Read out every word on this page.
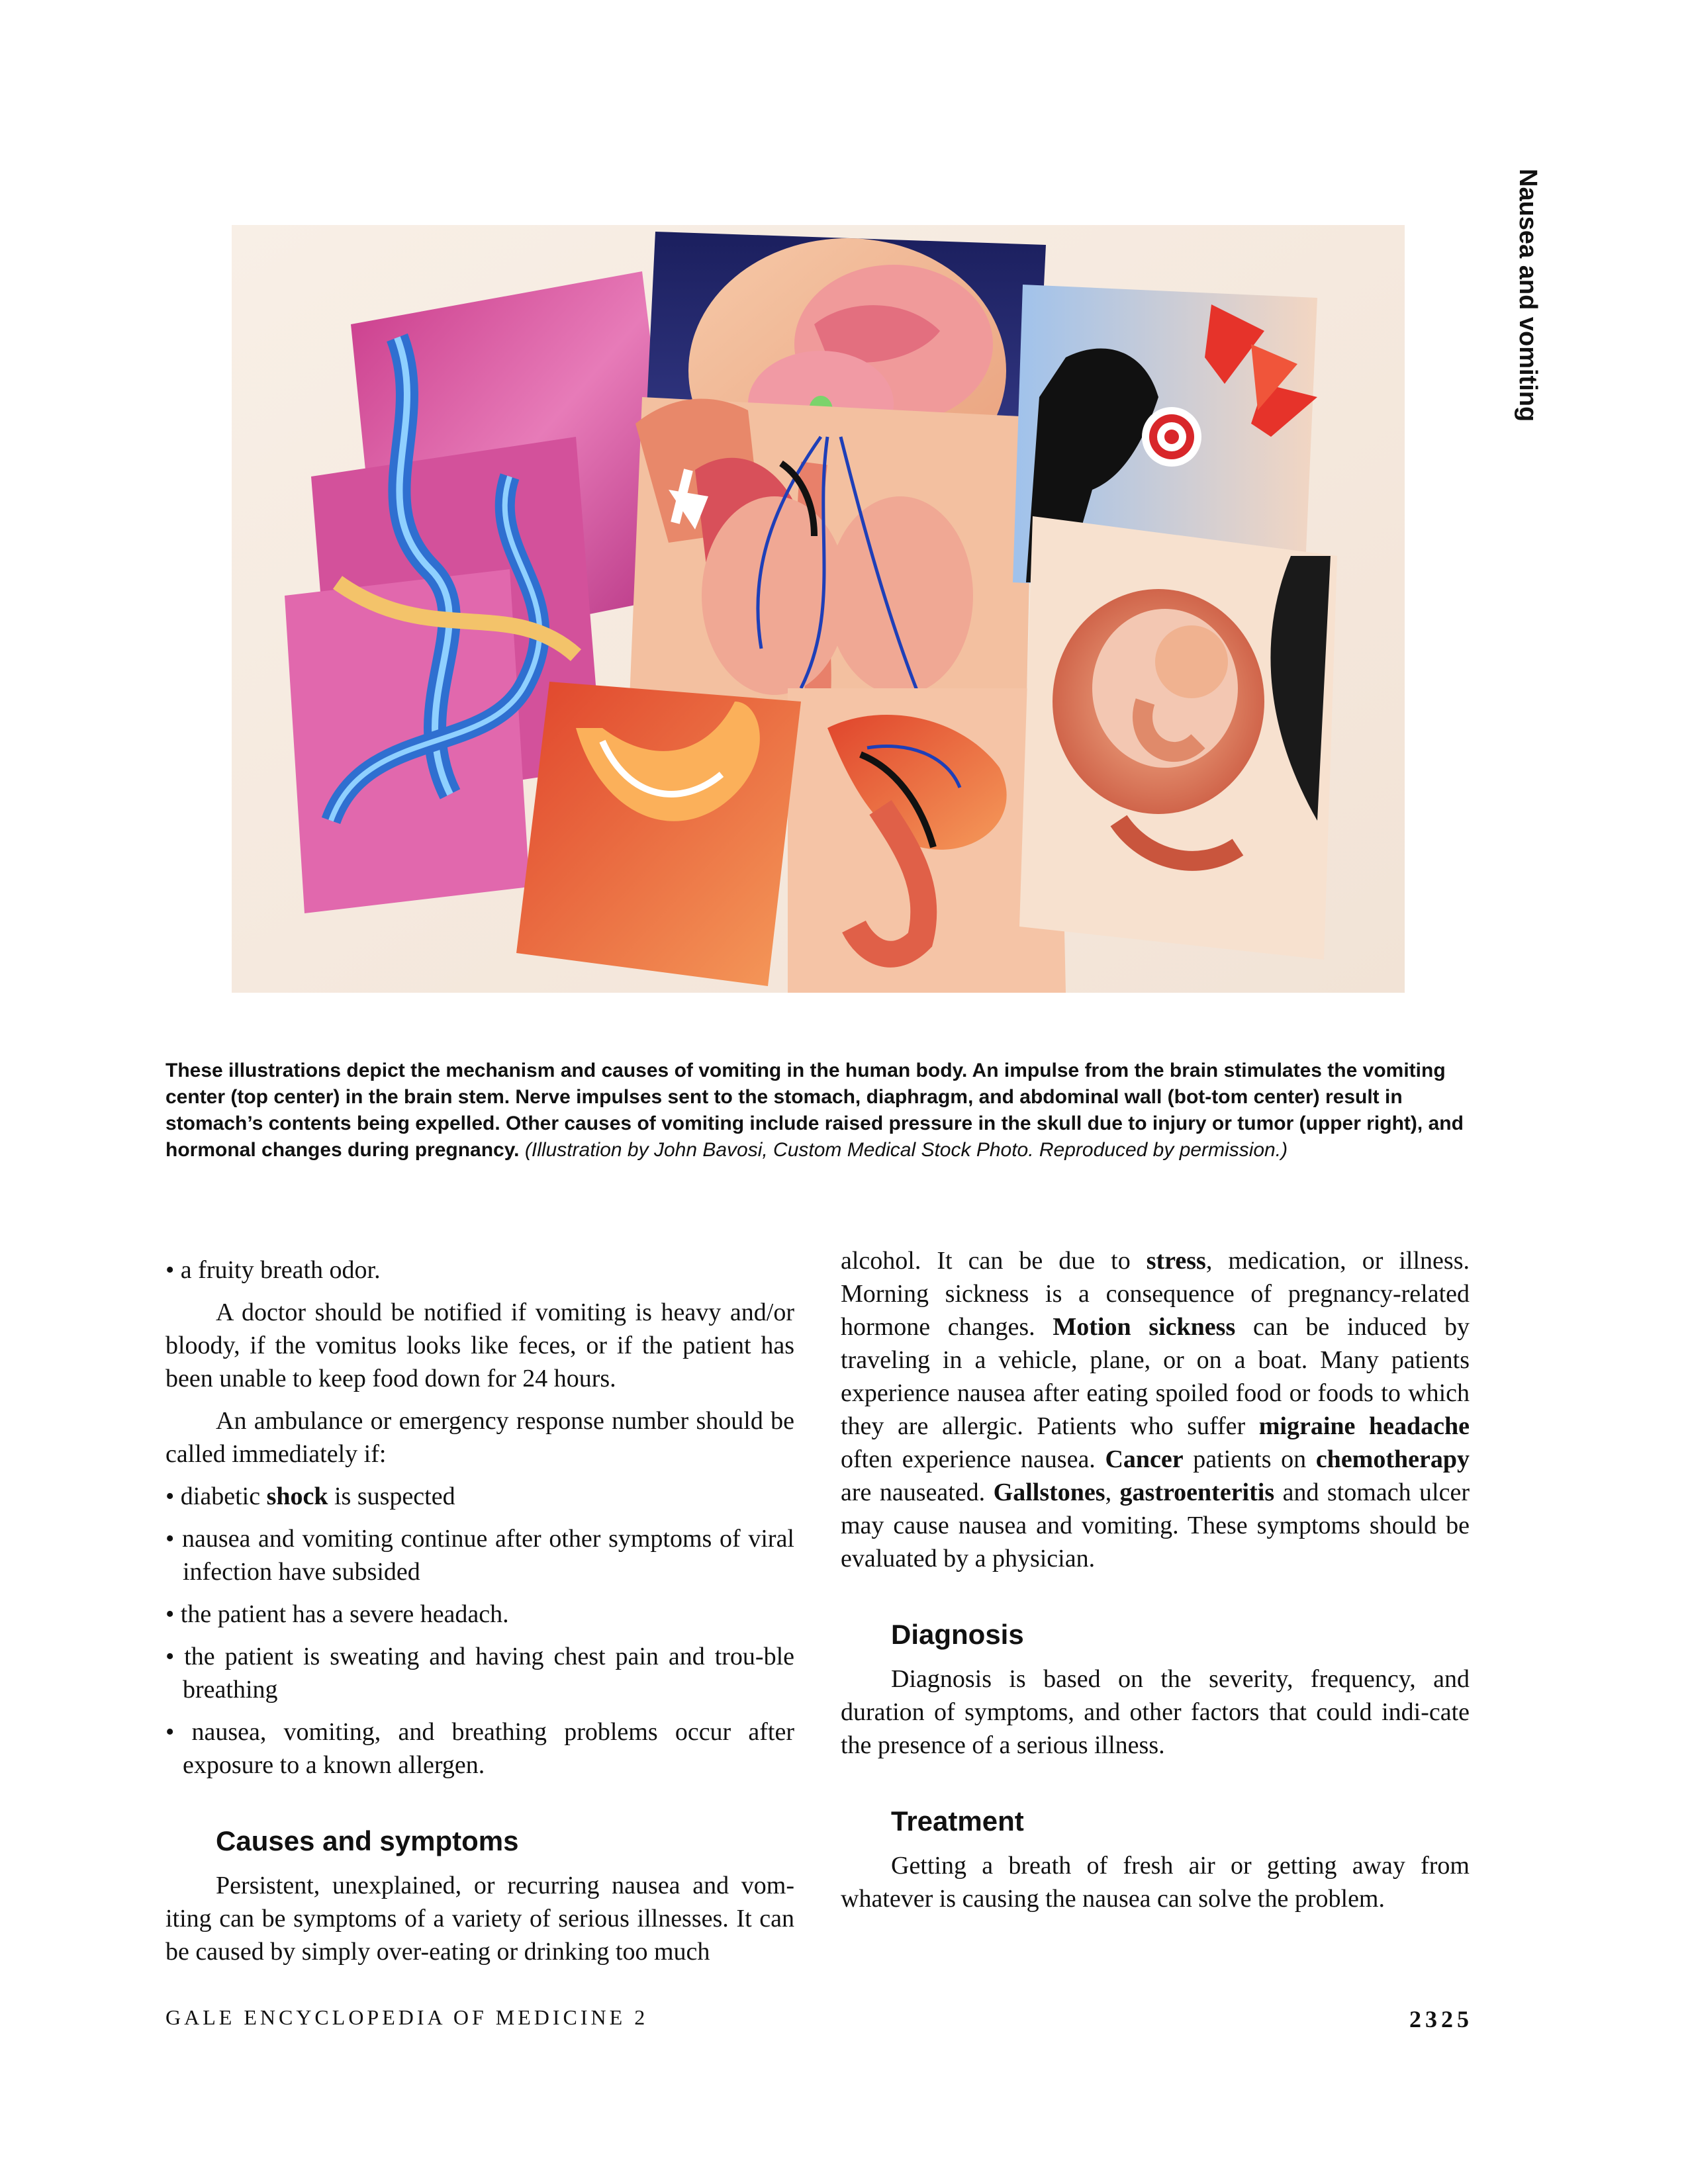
Nausea and vomiting
These illustrations depict the mechanism and causes of vomiting in the human body. An impulse from the brain stimulates the vomiting center (top center) in the brain stem. Nerve impulses sent to the stomach, diaphragm, and abdominal wall (bot-tom center) result in stomach’s contents being expelled. Other causes of vomiting include raised pressure in the skull due to injury or tumor (upper right), and hormonal changes during pregnancy. (Illustration by John Bavosi, Custom Medical Stock Photo. Reproduced by permission.)

• a fruity breath odor.

A doctor should be notified if vomiting is heavy and/or bloody, if the vomitus looks like feces, or if the patient has been unable to keep food down for 24 hours.

An ambulance or emergency response number should be called immediately if:

• diabetic shock is suspected

• nausea and vomiting continue after other symptoms of viral infection have subsided

• the patient has a severe headach.

• the patient is sweating and having chest pain and trou-ble breathing

• nausea, vomiting, and breathing problems occur after exposure to a known allergen.

Causes and symptoms

Persistent, unexplained, or recurring nausea and vom-iting can be symptoms of a variety of serious illnesses. It can be caused by simply over-eating or drinking too much

alcohol. It can be due to stress, medication, or illness. Morning sickness is a consequence of pregnancy-related hormone changes. Motion sickness can be induced by traveling in a vehicle, plane, or on a boat. Many patients experience nausea after eating spoiled food or foods to which they are allergic. Patients who suffer migraine headache often experience nausea. Cancer patients on chemotherapy are nauseated. Gallstones, gastroenteritis and stomach ulcer may cause nausea and vomiting. These symptoms should be evaluated by a physician.

Diagnosis

Diagnosis is based on the severity, frequency, and duration of symptoms, and other factors that could indi-cate the presence of a serious illness.

Treatment

Getting a breath of fresh air or getting away from whatever is causing the nausea can solve the problem.

GALE ENCYCLOPEDIA OF MEDICINE 2	2325
